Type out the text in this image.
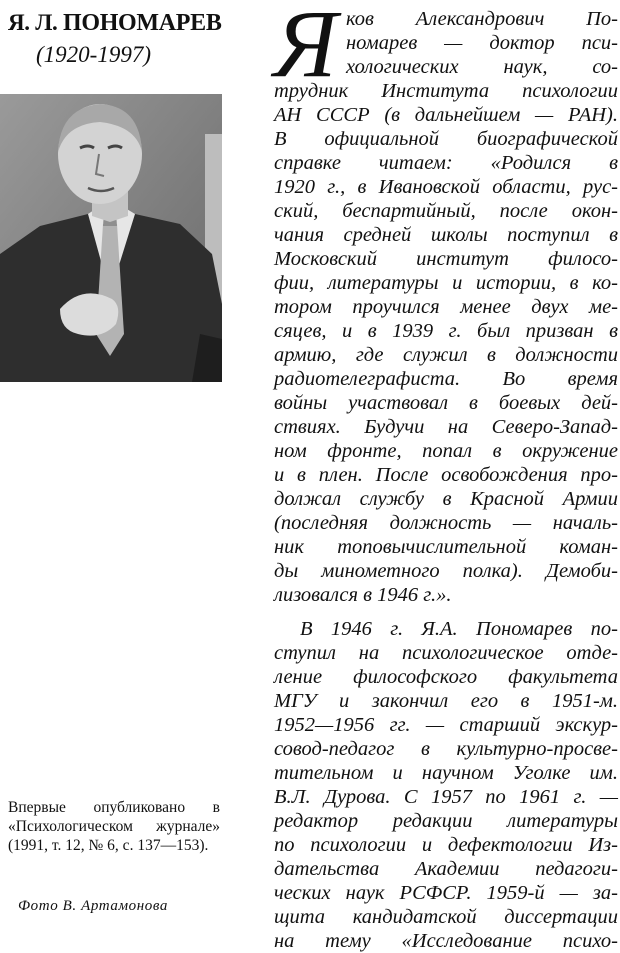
Я. Л. ПОНОМАРЕВ

(1920-1997)

Впервые опубликовано в «Психологическом журнале» (1991, т. 12, № 6, с. 137—153).

Фото В. Артамонова

Я ков Александрович По-
номарев — доктор пси-
хологических наук, со-
трудник Института психологии
АН СССР (в дальнейшем — РАН).
В официальной биографической
справке читаем: «Родился в
1920 г., в Ивановской области, рус-
ский, беспартийный, после окон-
чания средней школы поступил в
Московский институт филосо-
фии, литературы и истории, в ко-
тором проучился менее двух ме-
сяцев, и в 1939 г. был призван в
армию, где служил в должности
радиотелеграфиста. Во время
войны участвовал в боевых дей-
ствиях. Будучи на Северо-Запад-
ном фронте, попал в окружение
и в плен. После освобождения про-
должал службу в Красной Армии
(последняя должность — началь-
ник топовычислительной коман-
ды минометного полка). Демоби-
лизовался в 1946 г.».
В 1946 г. Я.А. Пономарев по-
ступил на психологическое отде-
ление философского факультета
МГУ и закончил его в 1951-м.
1952—1956 гг. — старший экскур-
совод-педагог в культурно-просве-
тительном и научном Уголке им.
В.Л. Дурова. С 1957 по 1961 г. —
редактор редакции литературы
по психологии и дефектологии Из-
дательства Академии педагоги-
ческих наук РСФСР. 1959-й — за-
щита кандидатской диссертации
на тему «Исследование психо-
